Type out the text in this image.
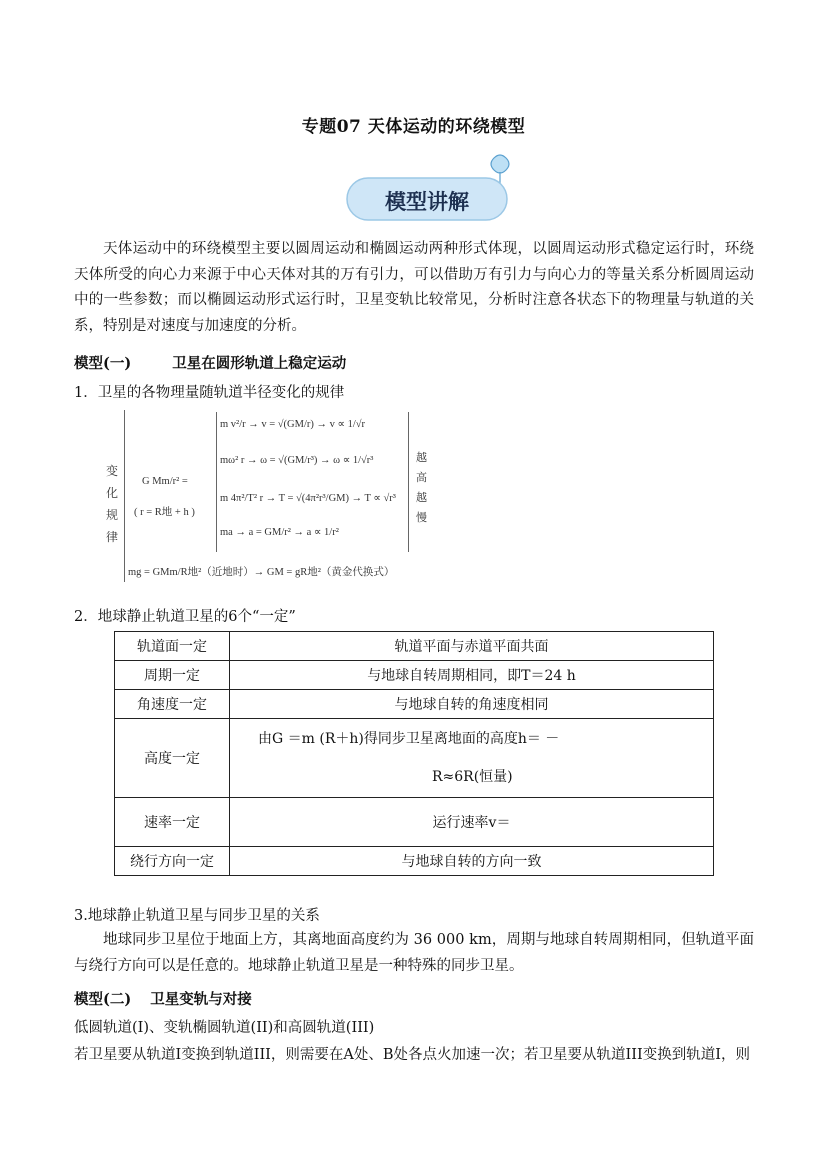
专题07 天体运动的环绕模型
模型讲解
天体运动中的环绕模型主要以圆周运动和椭圆运动两种形式体现，以圆周运动形式稳定运行时，环绕天体所受的向心力来源于中心天体对其的万有引力，可以借助万有引力与向心力的等量关系分析圆周运动中的一些参数；而以椭圆运动形式运行时，卫星变轨比较常见，分析时注意各状态下的物理量与轨道的关系，特别是对速度与加速度的分析。
模型(一)	卫星在圆形轨道上稳定运动
1．卫星的各物理量随轨道半径变化的规律
变
化
规
律
G Mm/r² =
( r = R地 + h )
m v²/r → v = √(GM/r) → v ∝ 1/√r
mω² r → ω = √(GM/r³) → ω ∝ 1/√r³
m 4π²/T² r → T = √(4π²r³/GM) → T ∝ √r³
ma → a = GM/r² → a ∝ 1/r²
越
高
越
慢
mg = GMm/R地²（近地时）→ GM = gR地²（黄金代换式）
2．地球静止轨道卫星的6个“一定”
轨道面一定	轨道平面与赤道平面共面
周期一定	与地球自转周期相同，即T＝24 h
角速度一定	与地球自转的角速度相同
高度一定	由G ＝m (R＋h)得同步卫星离地面的高度h＝ －
R≈6R(恒量)

速率一定	运行速率v＝
绕行方向一定	与地球自转的方向一致
3.地球静止轨道卫星与同步卫星的关系
地球同步卫星位于地面上方，其离地面高度约为 36 000 km，周期与地球自转周期相同，但轨道平面与绕行方向可以是任意的。地球静止轨道卫星是一种特殊的同步卫星。
模型(二) 卫星变轨与对接
低圆轨道(I)、变轨椭圆轨道(II)和高圆轨道(III)
若卫星要从轨道I变换到轨道III，则需要在A处、B处各点火加速一次；若卫星要从轨道III变换到轨道I，则
